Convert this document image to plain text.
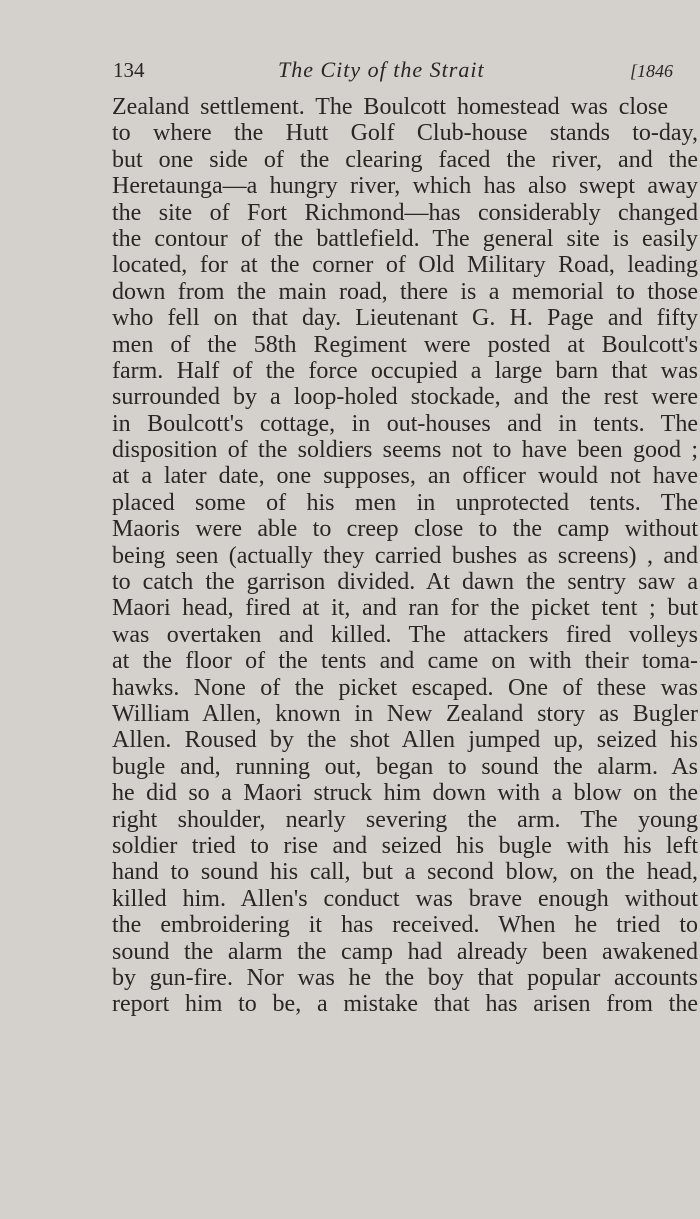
134	The City of the Strait	[1846
Zealand settlement. The Boulcott homestead was close
to where the Hutt Golf Club-house stands to-day,
but one side of the clearing faced the river, and the
Heretaunga—a hungry river, which has also swept away
the site of Fort Richmond—has considerably changed
the contour of the battlefield. The general site is easily
located, for at the corner of Old Military Road, leading
down from the main road, there is a memorial to those
who fell on that day. Lieutenant G. H. Page and fifty
men of the 58th Regiment were posted at Boulcott's
farm. Half of the force occupied a large barn that was
surrounded by a loop-holed stockade, and the rest were
in Boulcott's cottage, in out-houses and in tents. The
disposition of the soldiers seems not to have been good ;
at a later date, one supposes, an officer would not have
placed some of his men in unprotected tents. The
Maoris were able to creep close to the camp without
being seen (actually they carried bushes as screens) , and
to catch the garrison divided. At dawn the sentry saw a
Maori head, fired at it, and ran for the picket tent ; but
was overtaken and killed. The attackers fired volleys
at the floor of the tents and came on with their toma-
hawks. None of the picket escaped. One of these was
William Allen, known in New Zealand story as Bugler
Allen. Roused by the shot Allen jumped up, seized his
bugle and, running out, began to sound the alarm. As
he did so a Maori struck him down with a blow on the
right shoulder, nearly severing the arm. The young
soldier tried to rise and seized his bugle with his left
hand to sound his call, but a second blow, on the head,
killed him. Allen's conduct was brave enough without
the embroidering it has received. When he tried to
sound the alarm the camp had already been awakened
by gun-fire. Nor was he the boy that popular accounts
report him to be, a mistake that has arisen from the
